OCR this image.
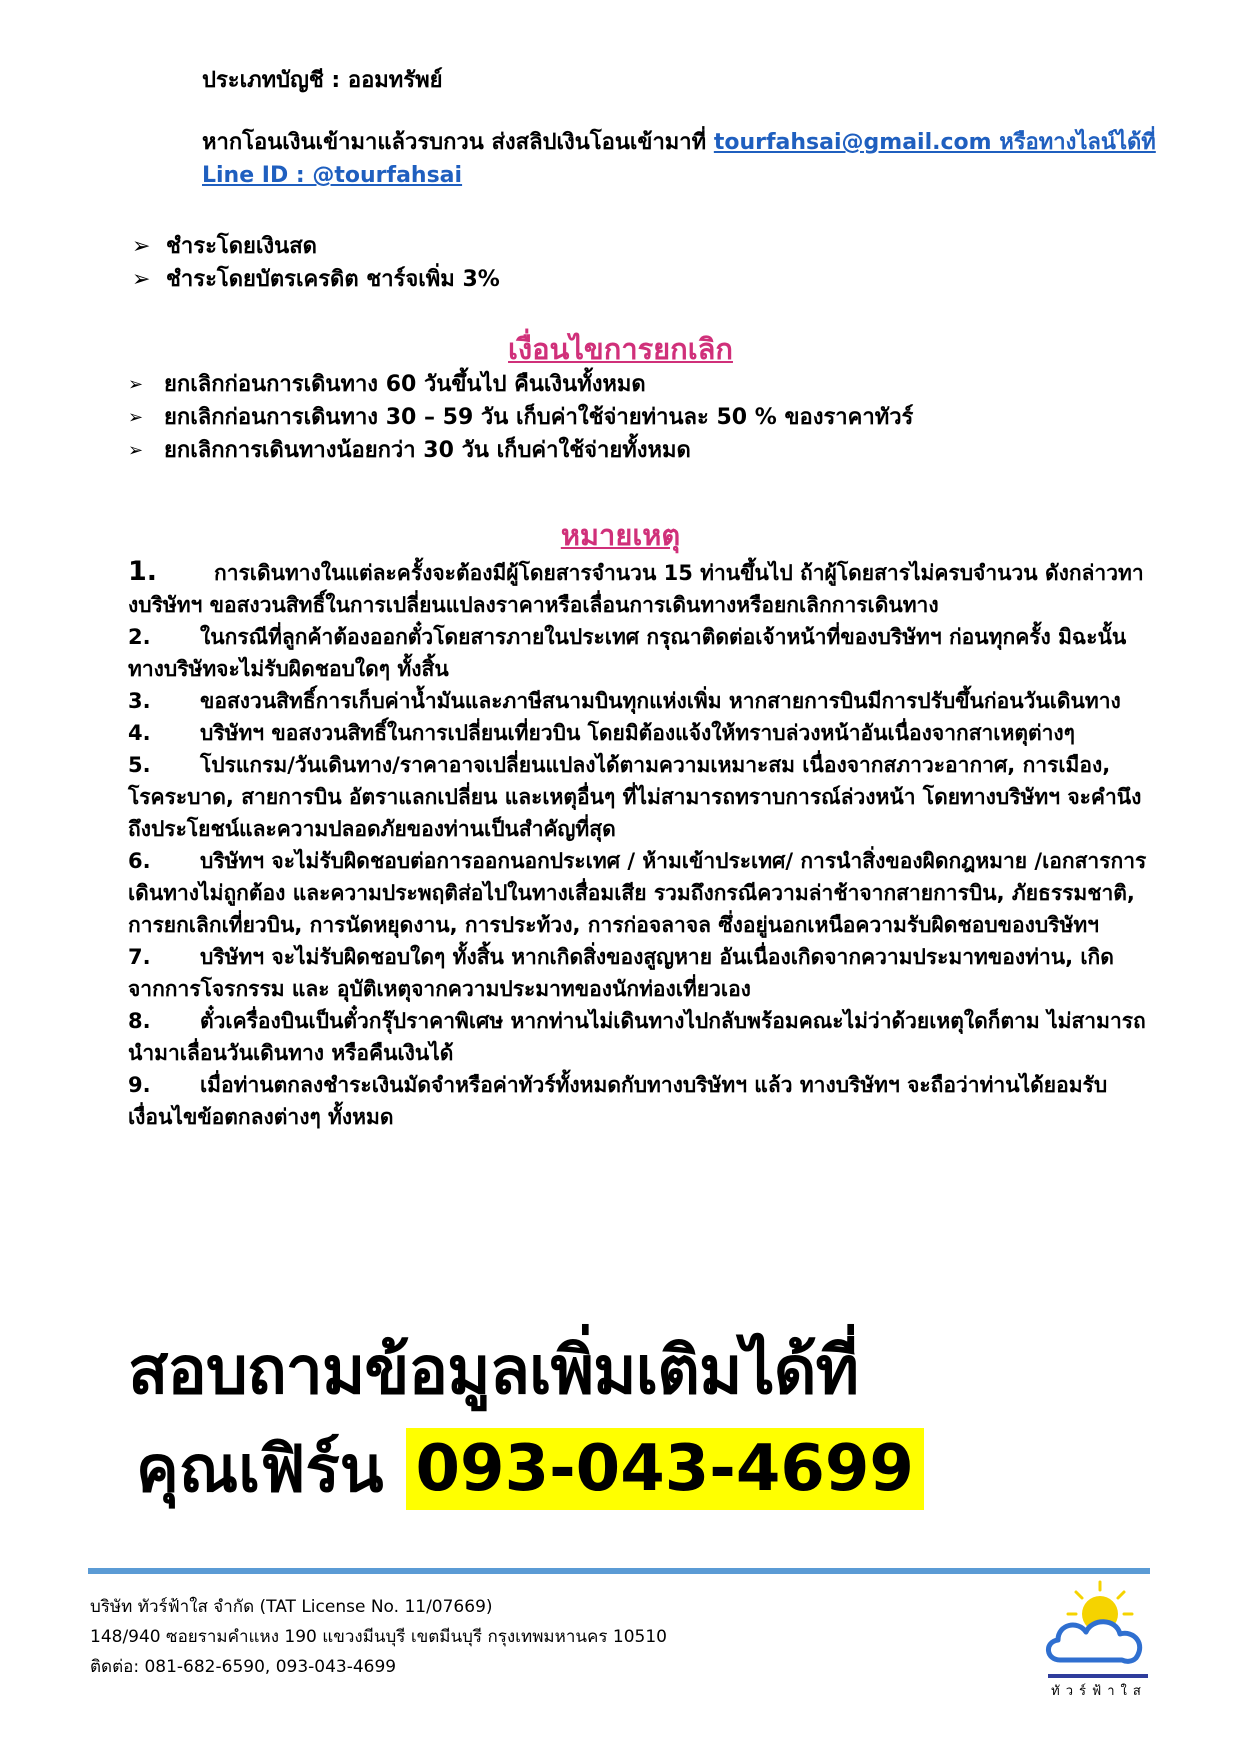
ประเภทบัญชี : ออมทรัพย์
หากโอนเงินเข้ามาแล้วรบกวน ส่งสลิปเงินโอนเข้ามาที่ tourfahsai@gmail.com หรือทางไลน์ได้ที่ Line ID : @tourfahsai
➢ ชำระโดยเงินสด
➢ ชำระโดยบัตรเครดิต ชาร์จเพิ่ม 3%
เงื่อนไขการยกเลิก
➢ ยกเลิกก่อนการเดินทาง 60 วันขึ้นไป คืนเงินทั้งหมด
➢ ยกเลิกก่อนการเดินทาง 30 – 59 วัน เก็บค่าใช้จ่ายท่านละ 50 % ของราคาทัวร์
➢ ยกเลิกการเดินทางน้อยกว่า 30 วัน เก็บค่าใช้จ่ายทั้งหมด
หมายเหตุ

1.	การเดินทางในแต่ละครั้งจะต้องมีผู้โดยสารจำนวน 15 ท่านขึ้นไป ถ้าผู้โดยสารไม่ครบจำนวน ดังกล่าวทางบริษัทฯ ขอสงวนสิทธิ์ในการเปลี่ยนแปลงราคาหรือเลื่อนการเดินทางหรือยกเลิกการเดินทาง

2. ในกรณีที่ลูกค้าต้องออกตั๋วโดยสารภายในประเทศ กรุณาติดต่อเจ้าหน้าที่ของบริษัทฯ ก่อนทุกครั้ง มิฉะนั้นทางบริษัทจะไม่รับผิดชอบใดๆ ทั้งสิ้น

3. ขอสงวนสิทธิ์การเก็บค่าน้ำมันและภาษีสนามบินทุกแห่งเพิ่ม หากสายการบินมีการปรับขึ้นก่อนวันเดินทาง

4. บริษัทฯ ขอสงวนสิทธิ์ในการเปลี่ยนเที่ยวบิน โดยมิต้องแจ้งให้ทราบล่วงหน้าอันเนื่องจากสาเหตุต่างๆ

5. โปรแกรม/วันเดินทาง/ราคาอาจเปลี่ยนแปลงได้ตามความเหมาะสม เนื่องจากสภาวะอากาศ, การเมือง, โรคระบาด, สายการบิน อัตราแลกเปลี่ยน และเหตุอื่นๆ ที่ไม่สามารถทราบการณ์ล่วงหน้า โดยทางบริษัทฯ จะคำนึงถึงประโยชน์และความปลอดภัยของท่านเป็นสำคัญที่สุด

6. บริษัทฯ จะไม่รับผิดชอบต่อการออกนอกประเทศ / ห้ามเข้าประเทศ/ การนำสิ่งของผิดกฎหมาย /เอกสารการเดินทางไม่ถูกต้อง และความประพฤติส่อไปในทางเสื่อมเสีย รวมถึงกรณีความล่าช้าจากสายการบิน, ภัยธรรมชาติ, การยกเลิกเที่ยวบิน, การนัดหยุดงาน, การประท้วง, การก่อจลาจล ซึ่งอยู่นอกเหนือความรับผิดชอบของบริษัทฯ

7. บริษัทฯ จะไม่รับผิดชอบใดๆ ทั้งสิ้น หากเกิดสิ่งของสูญหาย อันเนื่องเกิดจากความประมาทของท่าน, เกิดจากการโจรกรรม และ อุบัติเหตุจากความประมาทของนักท่องเที่ยวเอง

8. ตั๋วเครื่องบินเป็นตั๋วกรุ๊ปราคาพิเศษ หากท่านไม่เดินทางไปกลับพร้อมคณะไม่ว่าด้วยเหตุใดก็ตาม ไม่สามารถนำมาเลื่อนวันเดินทาง หรือคืนเงินได้

9. เมื่อท่านตกลงชำระเงินมัดจำหรือค่าทัวร์ทั้งหมดกับทางบริษัทฯ แล้ว ทางบริษัทฯ จะถือว่าท่านได้ยอมรับเงื่อนไขข้อตกลงต่างๆ ทั้งหมด

สอบถามข้อมูลเพิ่มเติมได้ที่
คุณเฟิร์น 093-043-4699
บริษัท ทัวร์ฟ้าใส จำกัด (TAT License No. 11/07669)
148/940 ซอยรามคำแหง 190 แขวงมีนบุรี เขตมีนบุรี กรุงเทพมหานคร 10510
ติดต่อ: 081-682-6590, 093-043-4699
ทัวร์ฟ้าใส
